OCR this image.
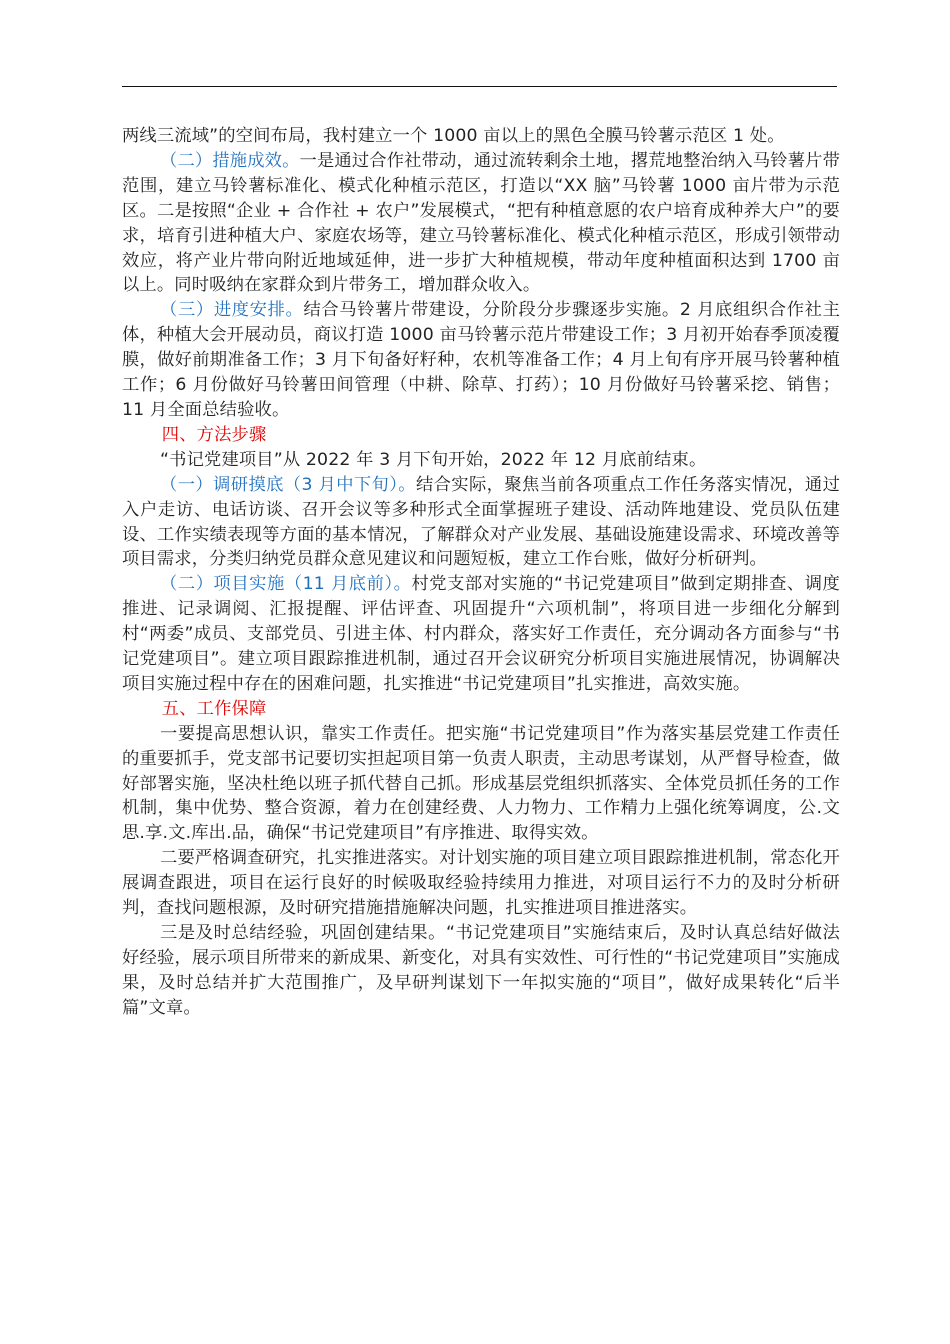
两线三流域”的空间布局，我村建立一个 1000 亩以上的黑色全膜马铃薯示范区 1 处。

（二）措施成效。一是通过合作社带动，通过流转剩余土地，撂荒地整治纳入马铃薯片带范围，建立马铃薯标准化、模式化种植示范区，打造以“XX 脑”马铃薯 1000 亩片带为示范区。二是按照“企业 + 合作社 + 农户”发展模式，“把有种植意愿的农户培育成种养大户”的要求，培育引进种植大户、家庭农场等，建立马铃薯标准化、模式化种植示范区，形成引领带动效应，将产业片带向附近地域延伸，进一步扩大种植规模，带动年度种植面积达到 1700 亩以上。同时吸纳在家群众到片带务工，增加群众收入。

（三）进度安排。结合马铃薯片带建设，分阶段分步骤逐步实施。2 月底组织合作社主体，种植大会开展动员，商议打造 1000 亩马铃薯示范片带建设工作；3 月初开始春季顶凌覆膜，做好前期准备工作；3 月下旬备好籽种，农机等准备工作；4 月上旬有序开展马铃薯种植工作；6 月份做好马铃薯田间管理（中耕、除草、打药）；10 月份做好马铃薯采挖、销售；11 月全面总结验收。

四、方法步骤

“书记党建项目”从 2022 年 3 月下旬开始，2022 年 12 月底前结束。

（一）调研摸底（3 月中下旬）。结合实际，聚焦当前各项重点工作任务落实情况，通过入户走访、电话访谈、召开会议等多种形式全面掌握班子建设、活动阵地建设、党员队伍建设、工作实绩表现等方面的基本情况，了解群众对产业发展、基础设施建设需求、环境改善等项目需求，分类归纳党员群众意见建议和问题短板，建立工作台账，做好分析研判。

（二）项目实施（11 月底前）。村党支部对实施的“书记党建项目”做到定期排查、调度推进、记录调阅、汇报提醒、评估评查、巩固提升“六项机制”，将项目进一步细化分解到村“两委”成员、支部党员、引进主体、村内群众，落实好工作责任，充分调动各方面参与“书记党建项目”。建立项目跟踪推进机制，通过召开会议研究分析项目实施进展情况，协调解决项目实施过程中存在的困难问题，扎实推进“书记党建项目”扎实推进，高效实施。

五、工作保障

一要提高思想认识，靠实工作责任。把实施“书记党建项目”作为落实基层党建工作责任的重要抓手，党支部书记要切实担起项目第一负责人职责，主动思考谋划，从严督导检查，做好部署实施，坚决杜绝以班子抓代替自己抓。形成基层党组织抓落实、全体党员抓任务的工作机制，集中优势、整合资源，着力在创建经费、人力物力、工作精力上强化统筹调度，公.文思.享.文.库出.品，确保“书记党建项目”有序推进、取得实效。

二要严格调查研究，扎实推进落实。对计划实施的项目建立项目跟踪推进机制，常态化开展调查跟进，项目在运行良好的时候吸取经验持续用力推进，对项目运行不力的及时分析研判，查找问题根源，及时研究措施措施解决问题，扎实推进项目推进落实。

三是及时总结经验，巩固创建结果。“书记党建项目”实施结束后，及时认真总结好做法好经验，展示项目所带来的新成果、新变化，对具有实效性、可行性的“书记党建项目”实施成果，及时总结并扩大范围推广，及早研判谋划下一年拟实施的“项目”，做好成果转化“后半篇”文章。
